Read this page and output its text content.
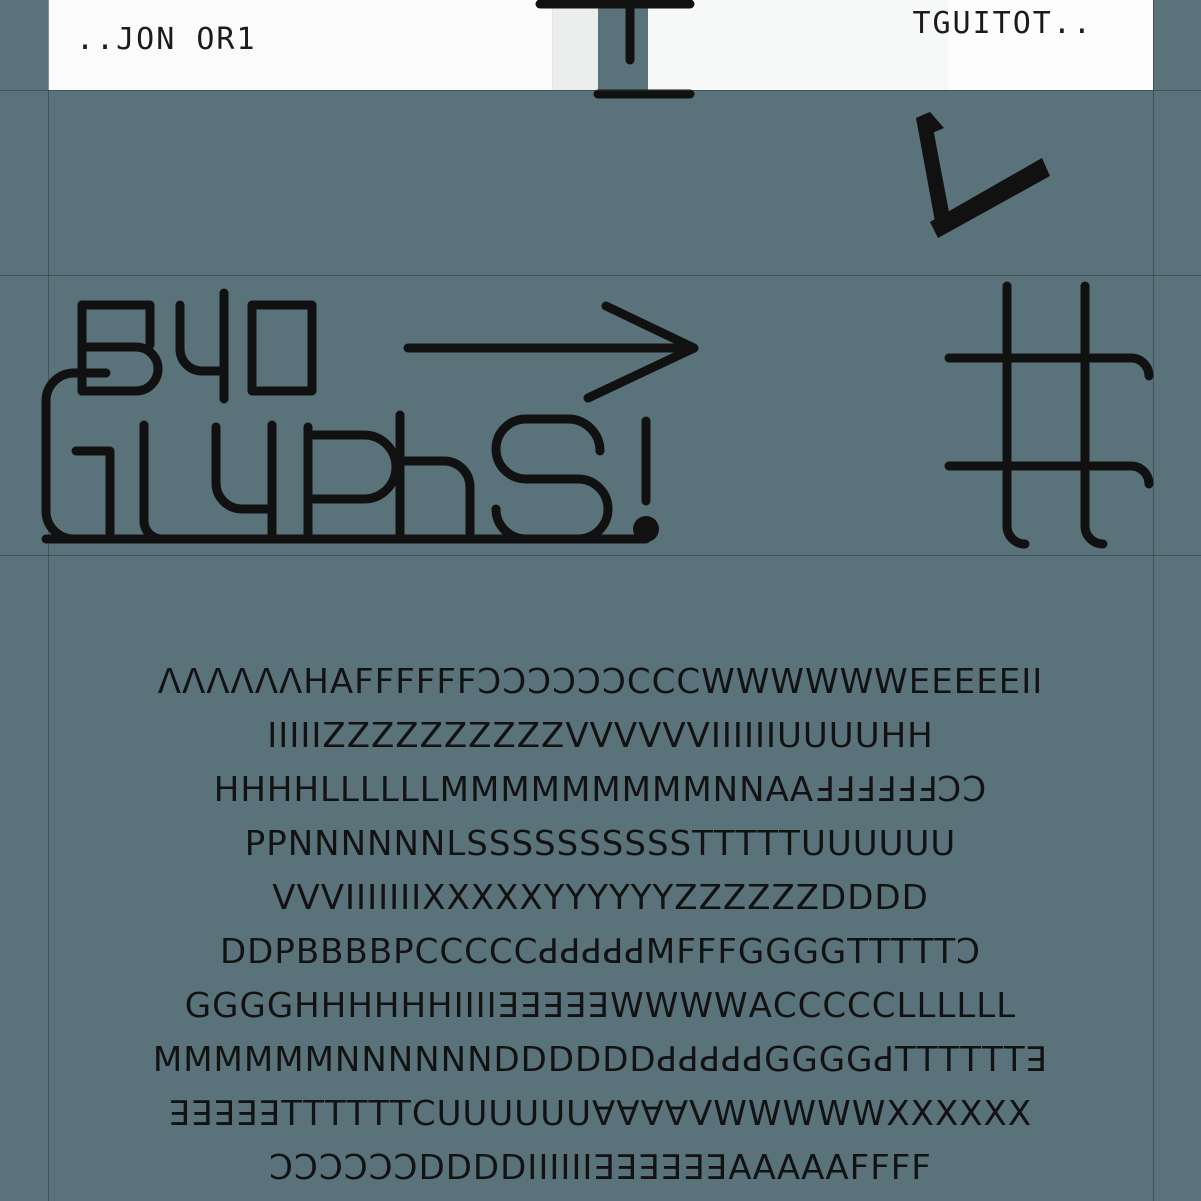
..JON OR1	TGUITOT..
ꓥꓥꓥꓥꓥꓥꓧꓮꓝꓝꓝꓝꓝꓝꓛꓛꓛꓛꓛꓛꓚꓚꓚꓪꓪꓪꓪꓪꓪꓰꓰꓰꓰꓰꓲꓲ
ꓲꓲꓲꓲꓲꓜꓜꓜꓜꓜꓜꓜꓜꓜꓜꓦꓦꓦꓦꓦꓦꓲꓲꓲꓲꓲꓲꓴꓴꓴꓴꓧꓧ
ꓧꓧꓧꓧꓡꓡꓡꓡꓡꓡꓟꓟꓟꓟꓟꓟꓟꓟꓟꓠꓠꓮꓮꓞꓞꓞꓞꓞꓞꓛꓛ
ꓑꓑꓠꓠꓠꓠꓠꓠꓡꓢꓢꓢꓢꓢꓢꓢꓢꓢꓢꓔꓔꓔꓔꓔꓴꓴꓴꓴꓴꓴ
ꓦꓦꓦꓲꓲꓲꓲꓲꓲꓲꓫꓫꓫꓫꓫꓬꓬꓬꓬꓬꓬꓜꓜꓜꓜꓜꓜꓓꓓꓓꓓ
ꓓꓓꓑꓐꓐꓐꓐꓑꓚꓚꓚꓚꓚꓒꓒꓒꓒꓒꓟꓝꓝꓝꓖꓖꓖꓖꓔꓔꓔꓔꓔꓛ
ꓖꓖꓖꓖꓧꓧꓧꓧꓧꓧꓲꓲꓲꓲꓱꓱꓱꓱꓱꓪꓪꓪꓪꓮꓚꓚꓚꓚꓚꓡꓡꓡꓡꓡꓡ
ꓟꓟꓟꓟꓟꓟꓠꓠꓠꓠꓠꓠꓓꓓꓓꓓꓓꓓꓒꓒꓒꓒꓒꓖꓖꓖꓖꓒꓔꓔꓔꓔꓔꓔꓱ
ꓱꓱꓱꓱꓱꓔꓔꓔꓔꓔꓔꓚꓴꓴꓴꓴꓴꓴꓯꓯꓯꓯꓦꓪꓪꓪꓪꓪꓫꓫꓫꓫꓫꓫ
ꓛꓛꓛꓛꓛꓛꓓꓓꓓꓓꓲꓲꓲꓲꓲꓲꓱꓱꓱꓱꓱꓱꓮꓮꓮꓮꓮꓝꓝꓝꓝ
